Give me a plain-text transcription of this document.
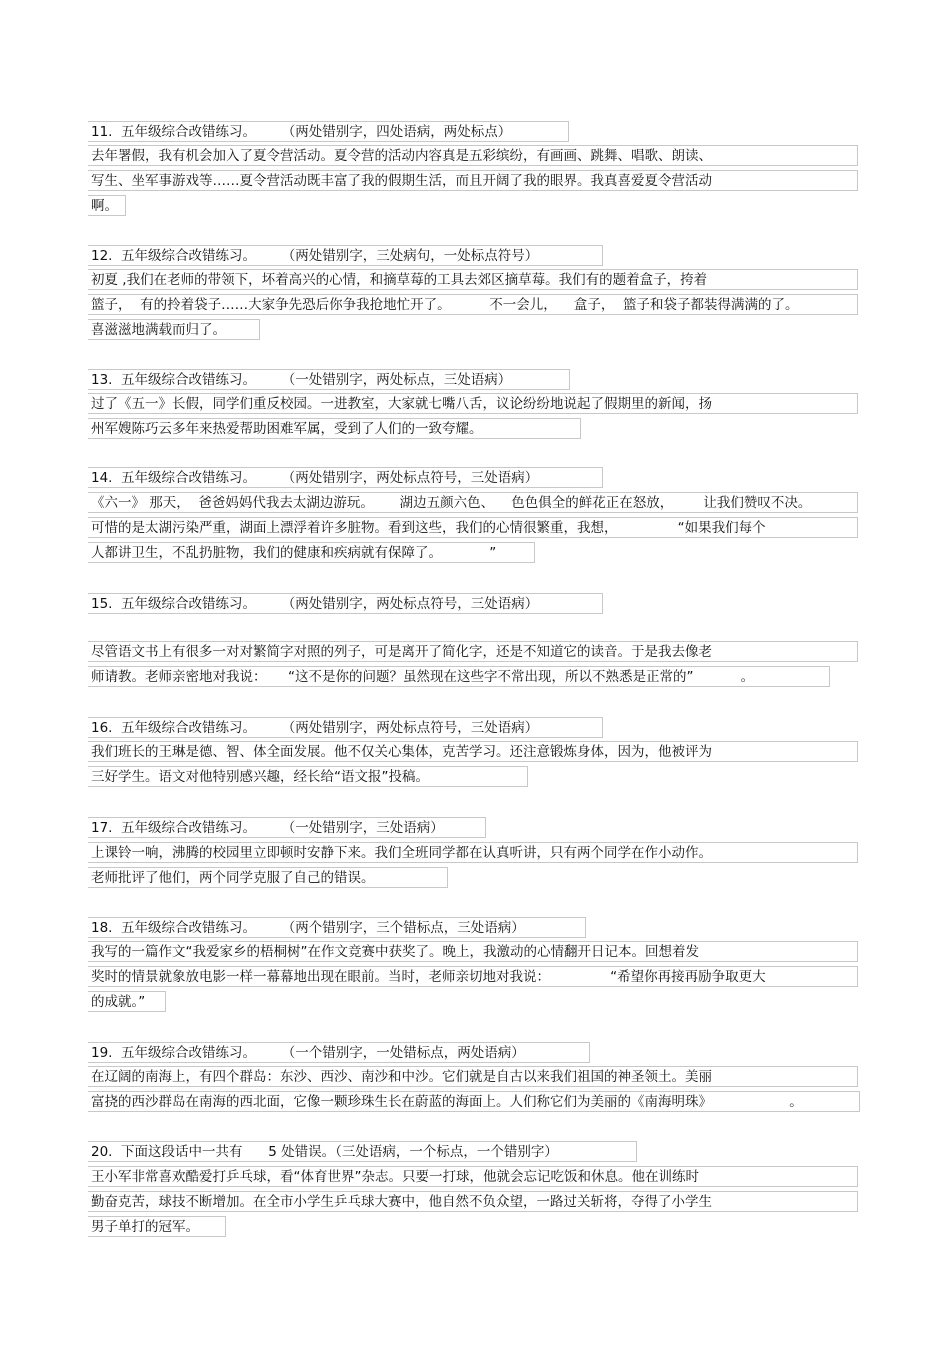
11.  五年级综合改错练习。      （两处错别字，四处语病，两处标点）
去年署假，我有机会加入了夏令营活动。夏令营的活动内容真是五彩缤纷，有画画、跳舞、唱歌、朗读、
写生、坐军事游戏等……夏令营活动既丰富了我的假期生活，而且开阔了我的眼界。我真喜爱夏令营活动
啊。
12.  五年级综合改错练习。      （两处错别字，三处病句，一处标点符号）
初夏 ,我们在老师的带领下，坏着高兴的心情，和摘草莓的工具去郊区摘草莓。我们有的题着盒子，挎着
篮子，  有的拎着袋子……大家争先恐后你争我抢地忙开了。         不一会儿，    盒子，  篮子和袋子都装得满满的了。
喜滋滋地满载而归了。
13.  五年级综合改错练习。      （一处错别字，两处标点，三处语病）
过了《五一》长假，同学们重反校园。一进教室，大家就七嘴八舌，议论纷纷地说起了假期里的新闻，扬
州军嫂陈巧云多年来热爱帮助困难军属，受到了人们的一致夸耀。
14.  五年级综合改错练习。      （两处错别字，两处标点符号，三处语病）
《六一》 那天，  爸爸妈妈代我去太湖边游玩。      湖边五颜六色、    色色俱全的鲜花正在怒放，       让我们赞叹不决。
可惜的是太湖污染严重，湖面上漂浮着许多脏物。看到这些，我们的心情很繁重，我想，              “如果我们每个
人都讲卫生，不乱扔脏物，我们的健康和疾病就有保障了。           ”
15.  五年级综合改错练习。      （两处错别字，两处标点符号，三处语病）
尽管语文书上有很多一对对繁简字对照的列子，可是离开了简化字，还是不知道它的读音。于是我去像老
师请教。老师亲密地对我说：     “这不是你的问题？虽然现在这些字不常出现，所以不熟悉是正常的”           。
16.  五年级综合改错练习。      （两处错别字，两处标点符号，三处语病）
我们班长的王琳是德、智、体全面发展。他不仅关心集体，克苦学习。还注意锻炼身体，因为，他被评为
三好学生。语文对他特别感兴趣，经长给“语文报”投稿。
17.  五年级综合改错练习。      （一处错别字，三处语病）
上课铃一响，沸腾的校园里立即顿时安静下来。我们全班同学都在认真听讲，只有两个同学在作小动作。
老师批评了他们，两个同学克服了自己的错误。
18.  五年级综合改错练习。      （两个错别字，三个错标点，三处语病）
我写的一篇作文“我爱家乡的梧桐树”在作文竞赛中获奖了。晚上，我激动的心情翻开日记本。回想着发
奖时的情景就象放电影一样一幕幕地出现在眼前。当时，老师亲切地对我说：              “希望你再接再励争取更大
的成就。”
19.  五年级综合改错练习。      （一个错别字，一处错标点，两处语病）
在辽阔的南海上，有四个群岛：东沙、西沙、南沙和中沙。它们就是自古以来我们祖国的神圣领土。美丽
富挠的西沙群岛在南海的西北面，它像一颗珍珠生长在蔚蓝的海面上。人们称它们为美丽的《南海明珠》                  。
20.  下面这段话中一共有      5 处错误。（三处语病，一个标点，一个错别字）
王小军非常喜欢酷爱打乒乓球，看“体育世界”杂志。只要一打球，他就会忘记吃饭和休息。他在训练时
勤奋克苦，球技不断增加。在全市小学生乒乓球大赛中，他自然不负众望，一路过关斩将，夺得了小学生
男子单打的冠军。
